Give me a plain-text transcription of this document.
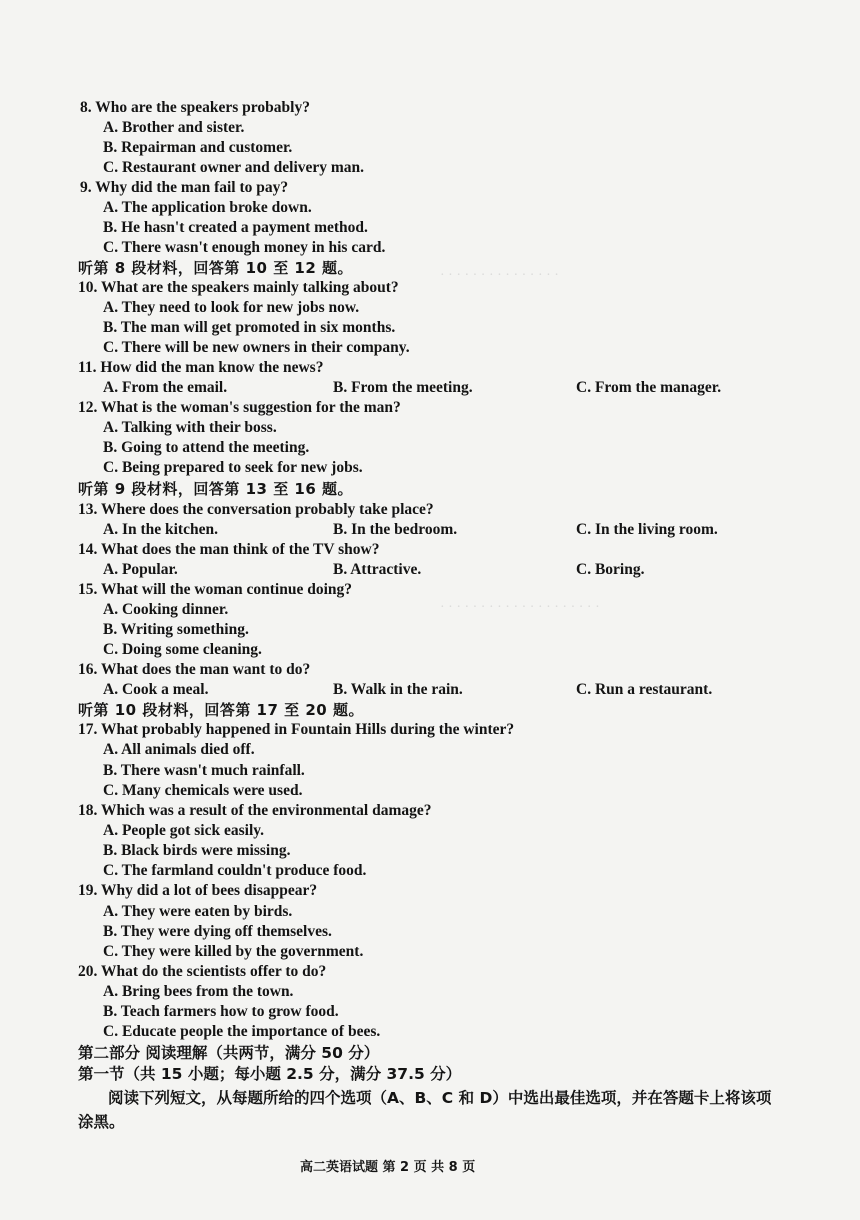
· · · · · · · · · · · · · · ·
· · · · · · · · · · · · · · · · · · · ·
8. Who are the speakers probably?
A. Brother and sister.
B. Repairman and customer.
C. Restaurant owner and delivery man.
9. Why did the man fail to pay?
A. The application broke down.
B. He hasn't created a payment method.
C. There wasn't enough money in his card.
听第 8 段材料，回答第 10 至 12 题。
10. What are the speakers mainly talking about?
A. They need to look for new jobs now.
B. The man will get promoted in six months.
C. There will be new owners in their company.
11. How did the man know the news?
A. From the email.	B. From the meeting.	C. From the manager.
12. What is the woman's suggestion for the man?
A. Talking with their boss.
B. Going to attend the meeting.
C. Being prepared to seek for new jobs.
听第 9 段材料，回答第 13 至 16 题。
13. Where does the conversation probably take place?
A. In the kitchen.	B. In the bedroom.	C. In the living room.
14. What does the man think of the TV show?
A. Popular.	B. Attractive.	C. Boring.
15. What will the woman continue doing?
A. Cooking dinner.
B. Writing something.
C. Doing some cleaning.
16. What does the man want to do?
A. Cook a meal.	B. Walk in the rain.	C. Run a restaurant.
听第 10 段材料，回答第 17 至 20 题。
17. What probably happened in Fountain Hills during the winter?
A. All animals died off.
B. There wasn't much rainfall.
C. Many chemicals were used.
18. Which was a result of the environmental damage?
A. People got sick easily.
B. Black birds were missing.
C. The farmland couldn't produce food.
19. Why did a lot of bees disappear?
A. They were eaten by birds.
B. They were dying off themselves.
C. They were killed by the government.
20. What do the scientists offer to do?
A. Bring bees from the town.
B. Teach farmers how to grow food.
C. Educate people the importance of bees.
第二部分 阅读理解（共两节，满分 50 分）
第一节（共 15 小题；每小题 2.5 分，满分 37.5 分）
阅读下列短文，从每题所给的四个选项（A、B、C 和 D）中选出最佳选项，并在答题卡上将该项涂黑。
高二英语试题 第 2 页 共 8 页
